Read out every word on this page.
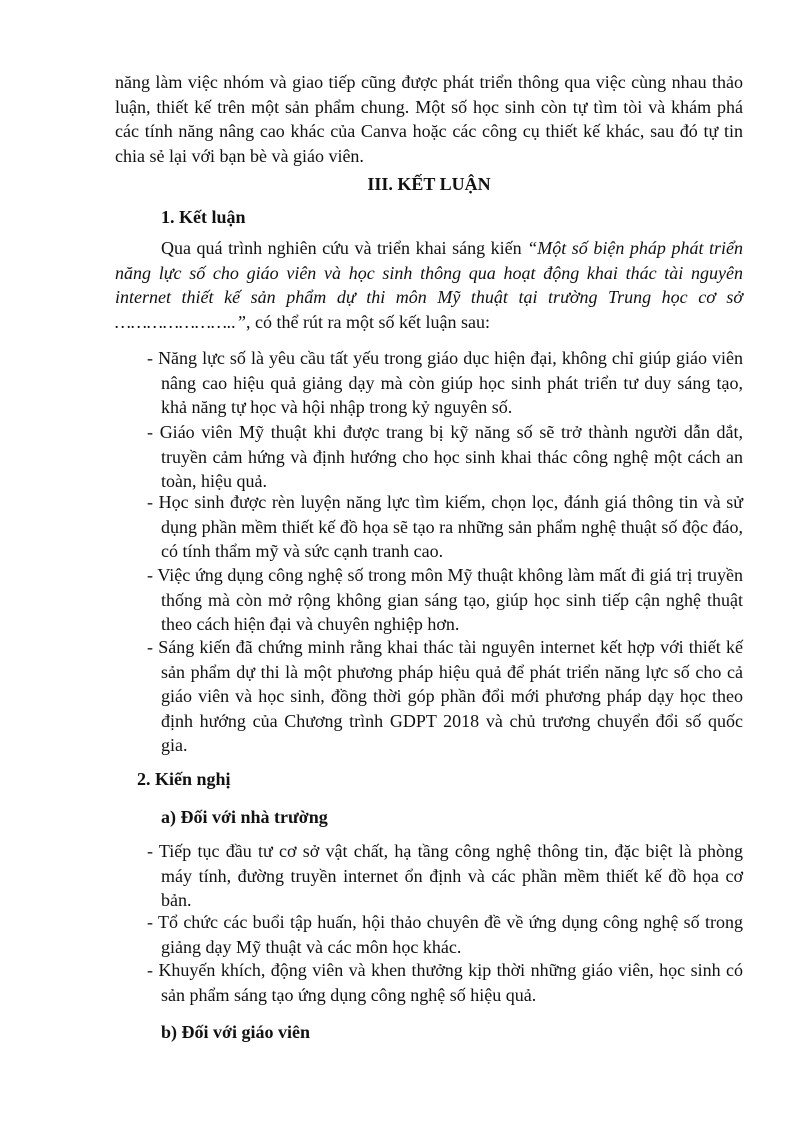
năng làm việc nhóm và giao tiếp cũng được phát triển thông qua việc cùng nhau thảo luận, thiết kế trên một sản phẩm chung. Một số học sinh còn tự tìm tòi và khám phá các tính năng nâng cao khác của Canva hoặc các công cụ thiết kế khác, sau đó tự tin chia sẻ lại với bạn bè và giáo viên.

III. KẾT LUẬN

1. Kết luận

Qua quá trình nghiên cứu và triển khai sáng kiến “Một số biện pháp phát triển năng lực số cho giáo viên và học sinh thông qua hoạt động khai thác tài nguyên internet thiết kế sản phẩm dự thi môn Mỹ thuật tại trường Trung học cơ sở …………………..”, có thể rút ra một số kết luận sau:

- Năng lực số là yêu cầu tất yếu trong giáo dục hiện đại, không chỉ giúp giáo viên nâng cao hiệu quả giảng dạy mà còn giúp học sinh phát triển tư duy sáng tạo, khả năng tự học và hội nhập trong kỷ nguyên số.
- Giáo viên Mỹ thuật khi được trang bị kỹ năng số sẽ trở thành người dẫn dắt, truyền cảm hứng và định hướng cho học sinh khai thác công nghệ một cách an toàn, hiệu quả.
- Học sinh được rèn luyện năng lực tìm kiếm, chọn lọc, đánh giá thông tin và sử dụng phần mềm thiết kế đồ họa sẽ tạo ra những sản phẩm nghệ thuật số độc đáo, có tính thẩm mỹ và sức cạnh tranh cao.
- Việc ứng dụng công nghệ số trong môn Mỹ thuật không làm mất đi giá trị truyền thống mà còn mở rộng không gian sáng tạo, giúp học sinh tiếp cận nghệ thuật theo cách hiện đại và chuyên nghiệp hơn.
- Sáng kiến đã chứng minh rằng khai thác tài nguyên internet kết hợp với thiết kế sản phẩm dự thi là một phương pháp hiệu quả để phát triển năng lực số cho cả giáo viên và học sinh, đồng thời góp phần đổi mới phương pháp dạy học theo định hướng của Chương trình GDPT 2018 và chủ trương chuyển đổi số quốc gia.

2. Kiến nghị

a) Đối với nhà trường

- Tiếp tục đầu tư cơ sở vật chất, hạ tầng công nghệ thông tin, đặc biệt là phòng máy tính, đường truyền internet ổn định và các phần mềm thiết kế đồ họa cơ bản.
- Tổ chức các buổi tập huấn, hội thảo chuyên đề về ứng dụng công nghệ số trong giảng dạy Mỹ thuật và các môn học khác.
- Khuyến khích, động viên và khen thưởng kịp thời những giáo viên, học sinh có sản phẩm sáng tạo ứng dụng công nghệ số hiệu quả.

b) Đối với giáo viên
